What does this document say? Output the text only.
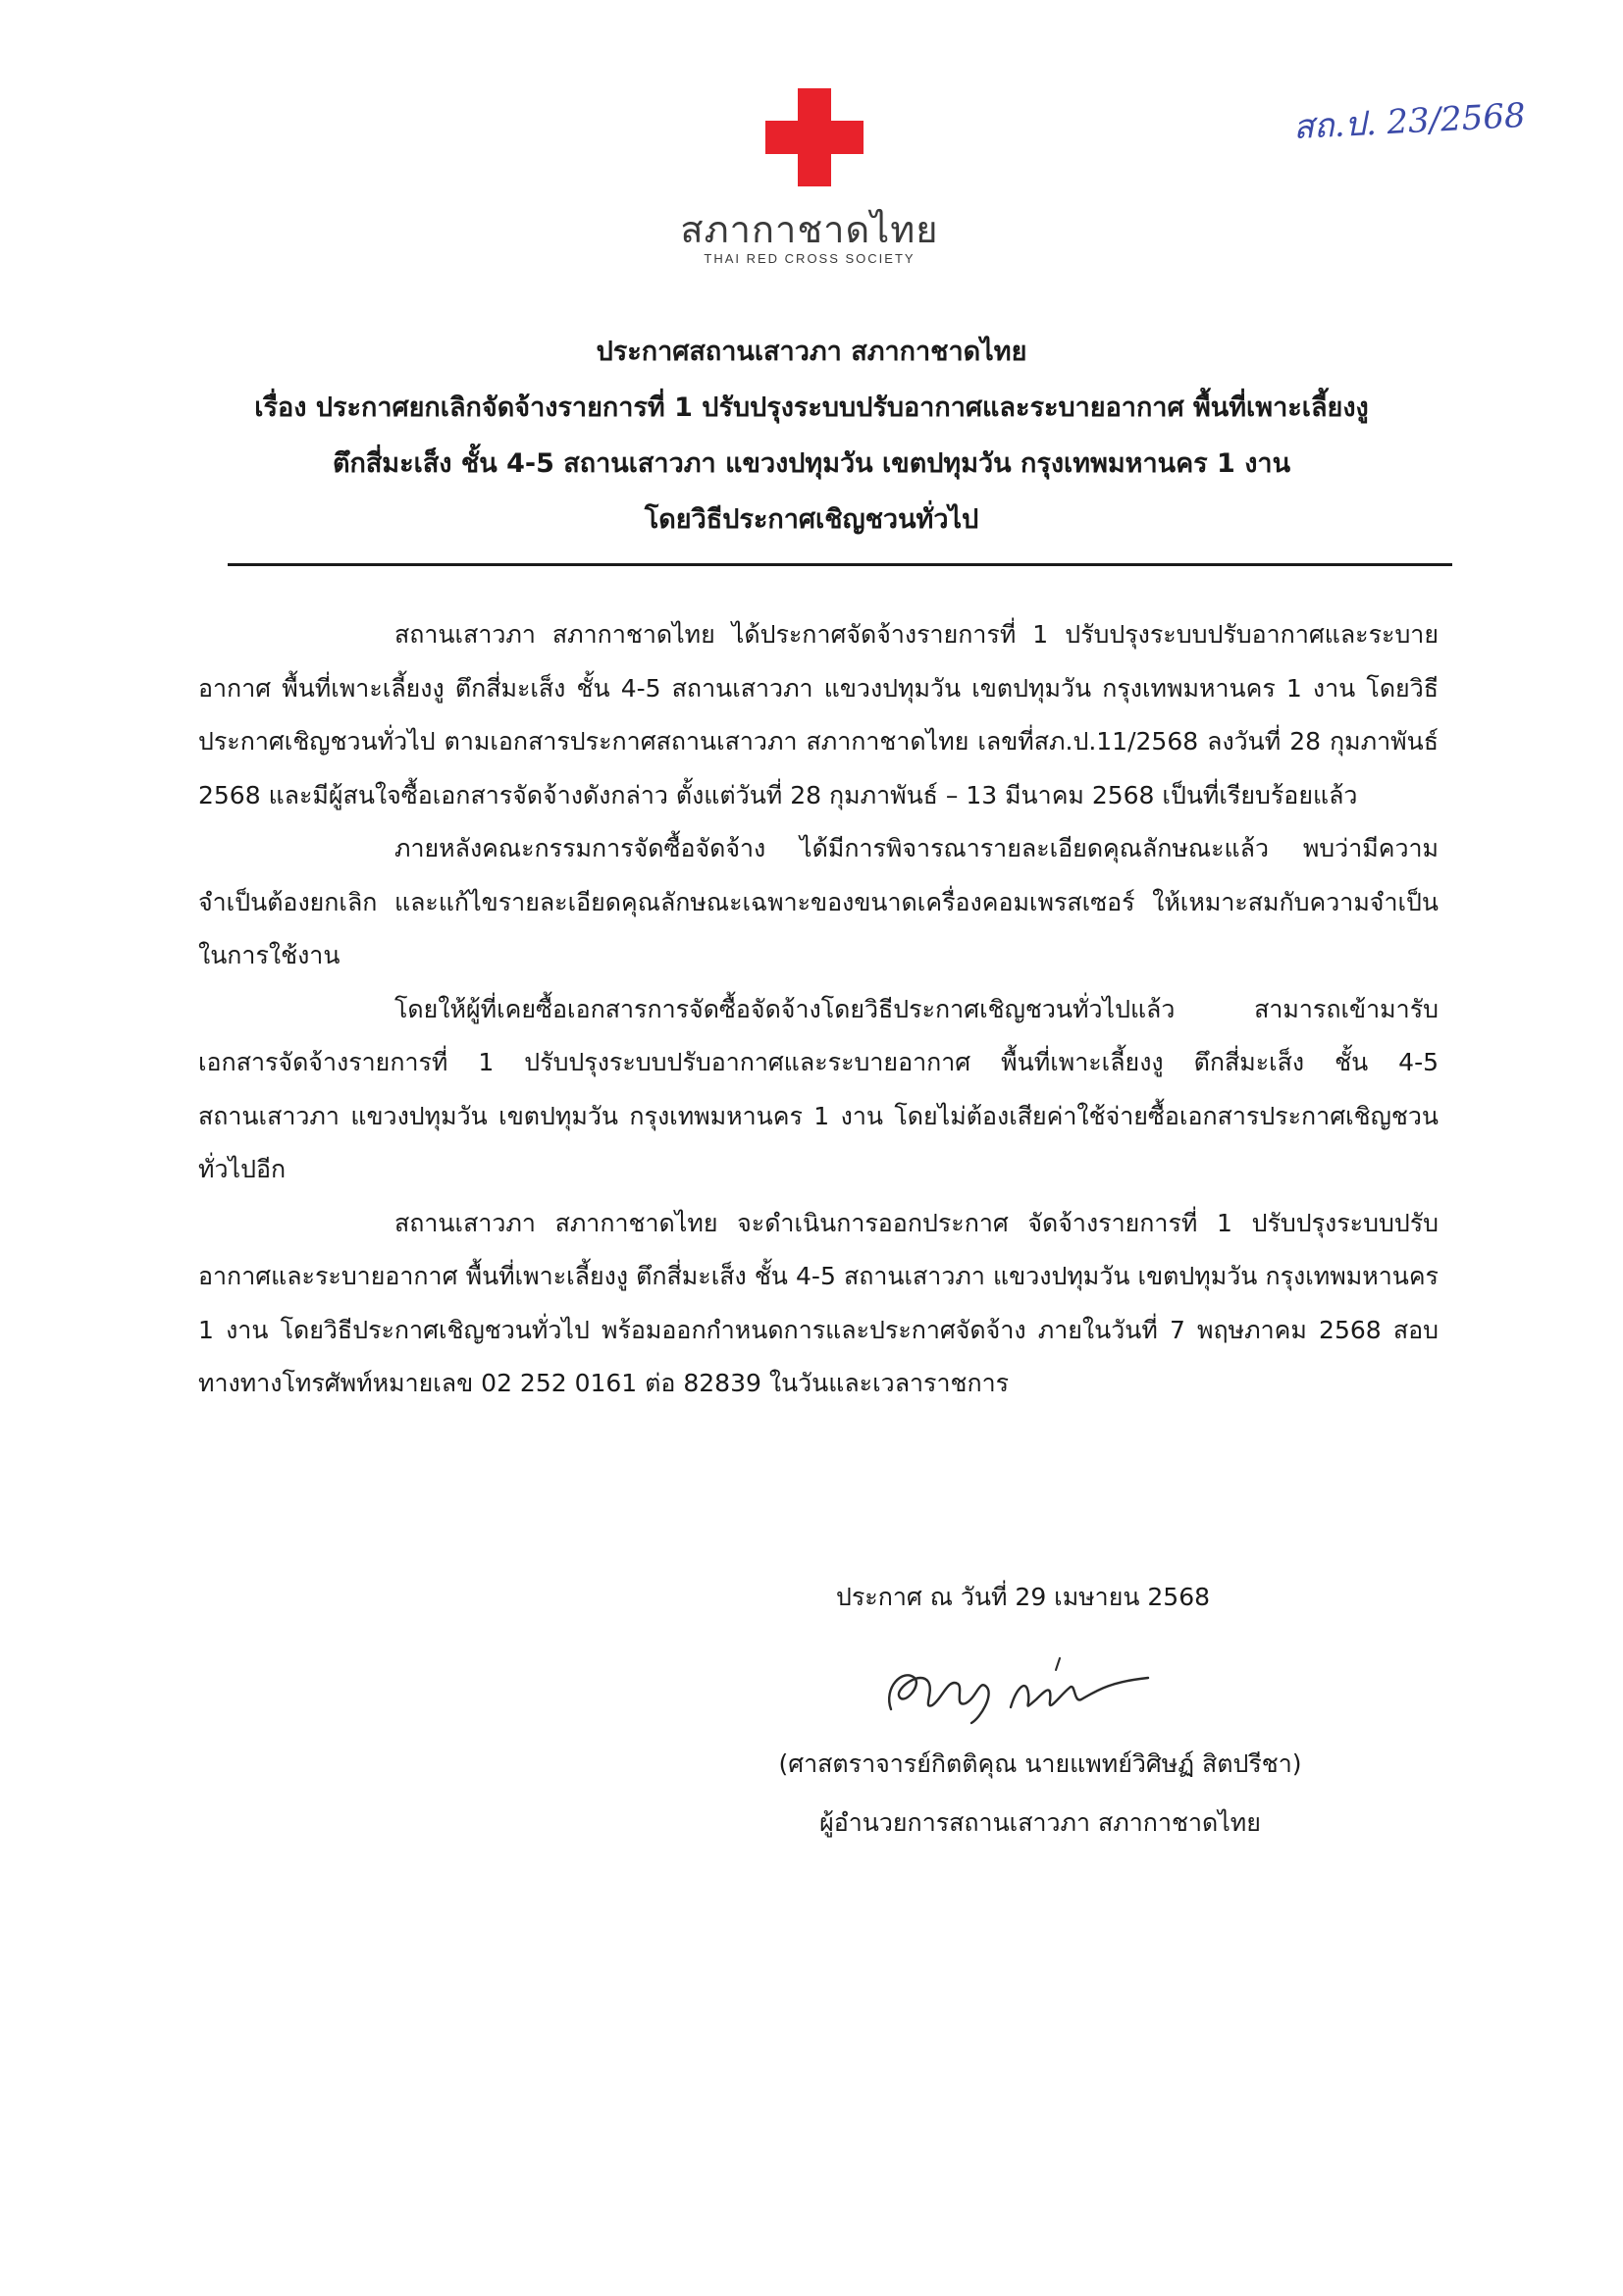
สภากาชาดไทย
THAI RED CROSS SOCIETY
สถ.ป. 23/2568
ประกาศสถานเสาวภา สภากาชาดไทย
เรื่อง ประกาศยกเลิกจัดจ้างรายการที่ 1 ปรับปรุงระบบปรับอากาศและระบายอากาศ พื้นที่เพาะเลี้ยงงู
ตึกสี่มะเส็ง ชั้น 4-5 สถานเสาวภา แขวงปทุมวัน เขตปทุมวัน กรุงเทพมหานคร 1 งาน
โดยวิธีประกาศเชิญชวนทั่วไป

สถานเสาวภา สภากาชาดไทย ได้ประกาศจัดจ้างรายการที่ 1 ปรับปรุงระบบปรับอากาศและระบายอากาศ พื้นที่เพาะเลี้ยงงู ตึกสี่มะเส็ง ชั้น 4-5 สถานเสาวภา แขวงปทุมวัน เขตปทุมวัน กรุงเทพมหานคร 1 งาน โดยวิธีประกาศเชิญชวนทั่วไป ตามเอกสารประกาศสถานเสาวภา สภากาชาดไทย เลขที่สภ.ป.11/2568 ลงวันที่ 28 กุมภาพันธ์ 2568 และมีผู้สนใจซื้อเอกสารจัดจ้างดังกล่าว ตั้งแต่วันที่ 28 กุมภาพันธ์ – 13 มีนาคม 2568 เป็นที่เรียบร้อยแล้ว

ภายหลังคณะกรรมการจัดซื้อจัดจ้าง ได้มีการพิจารณารายละเอียดคุณลักษณะแล้ว พบว่ามีความจำเป็นต้องยกเลิก และแก้ไขรายละเอียดคุณลักษณะเฉพาะของขนาดเครื่องคอมเพรสเซอร์ ให้เหมาะสมกับความจำเป็นในการใช้งาน

โดยให้ผู้ที่เคยซื้อเอกสารการจัดซื้อจัดจ้างโดยวิธีประกาศเชิญชวนทั่วไปแล้ว สามารถเข้ามารับเอกสารจัดจ้างรายการที่ 1 ปรับปรุงระบบปรับอากาศและระบายอากาศ พื้นที่เพาะเลี้ยงงู ตึกสี่มะเส็ง ชั้น 4-5 สถานเสาวภา แขวงปทุมวัน เขตปทุมวัน กรุงเทพมหานคร 1 งาน โดยไม่ต้องเสียค่าใช้จ่ายซื้อเอกสารประกาศเชิญชวนทั่วไปอีก

สถานเสาวภา สภากาชาดไทย จะดำเนินการออกประกาศ จัดจ้างรายการที่ 1 ปรับปรุงระบบปรับอากาศและระบายอากาศ พื้นที่เพาะเลี้ยงงู ตึกสี่มะเส็ง ชั้น 4-5 สถานเสาวภา แขวงปทุมวัน เขตปทุมวัน กรุงเทพมหานคร 1 งาน โดยวิธีประกาศเชิญชวนทั่วไป พร้อมออกกำหนดการและประกาศจัดจ้าง ภายในวันที่ 7 พฤษภาคม 2568 สอบทางทางโทรศัพท์หมายเลข 02 252 0161 ต่อ 82839 ในวันและเวลาราชการ

ประกาศ ณ วันที่ 29 เมษายน 2568
(ศาสตราจารย์กิตติคุณ นายแพทย์วิศิษฏ์ สิตปรีชา)
ผู้อำนวยการสถานเสาวภา สภากาชาดไทย
